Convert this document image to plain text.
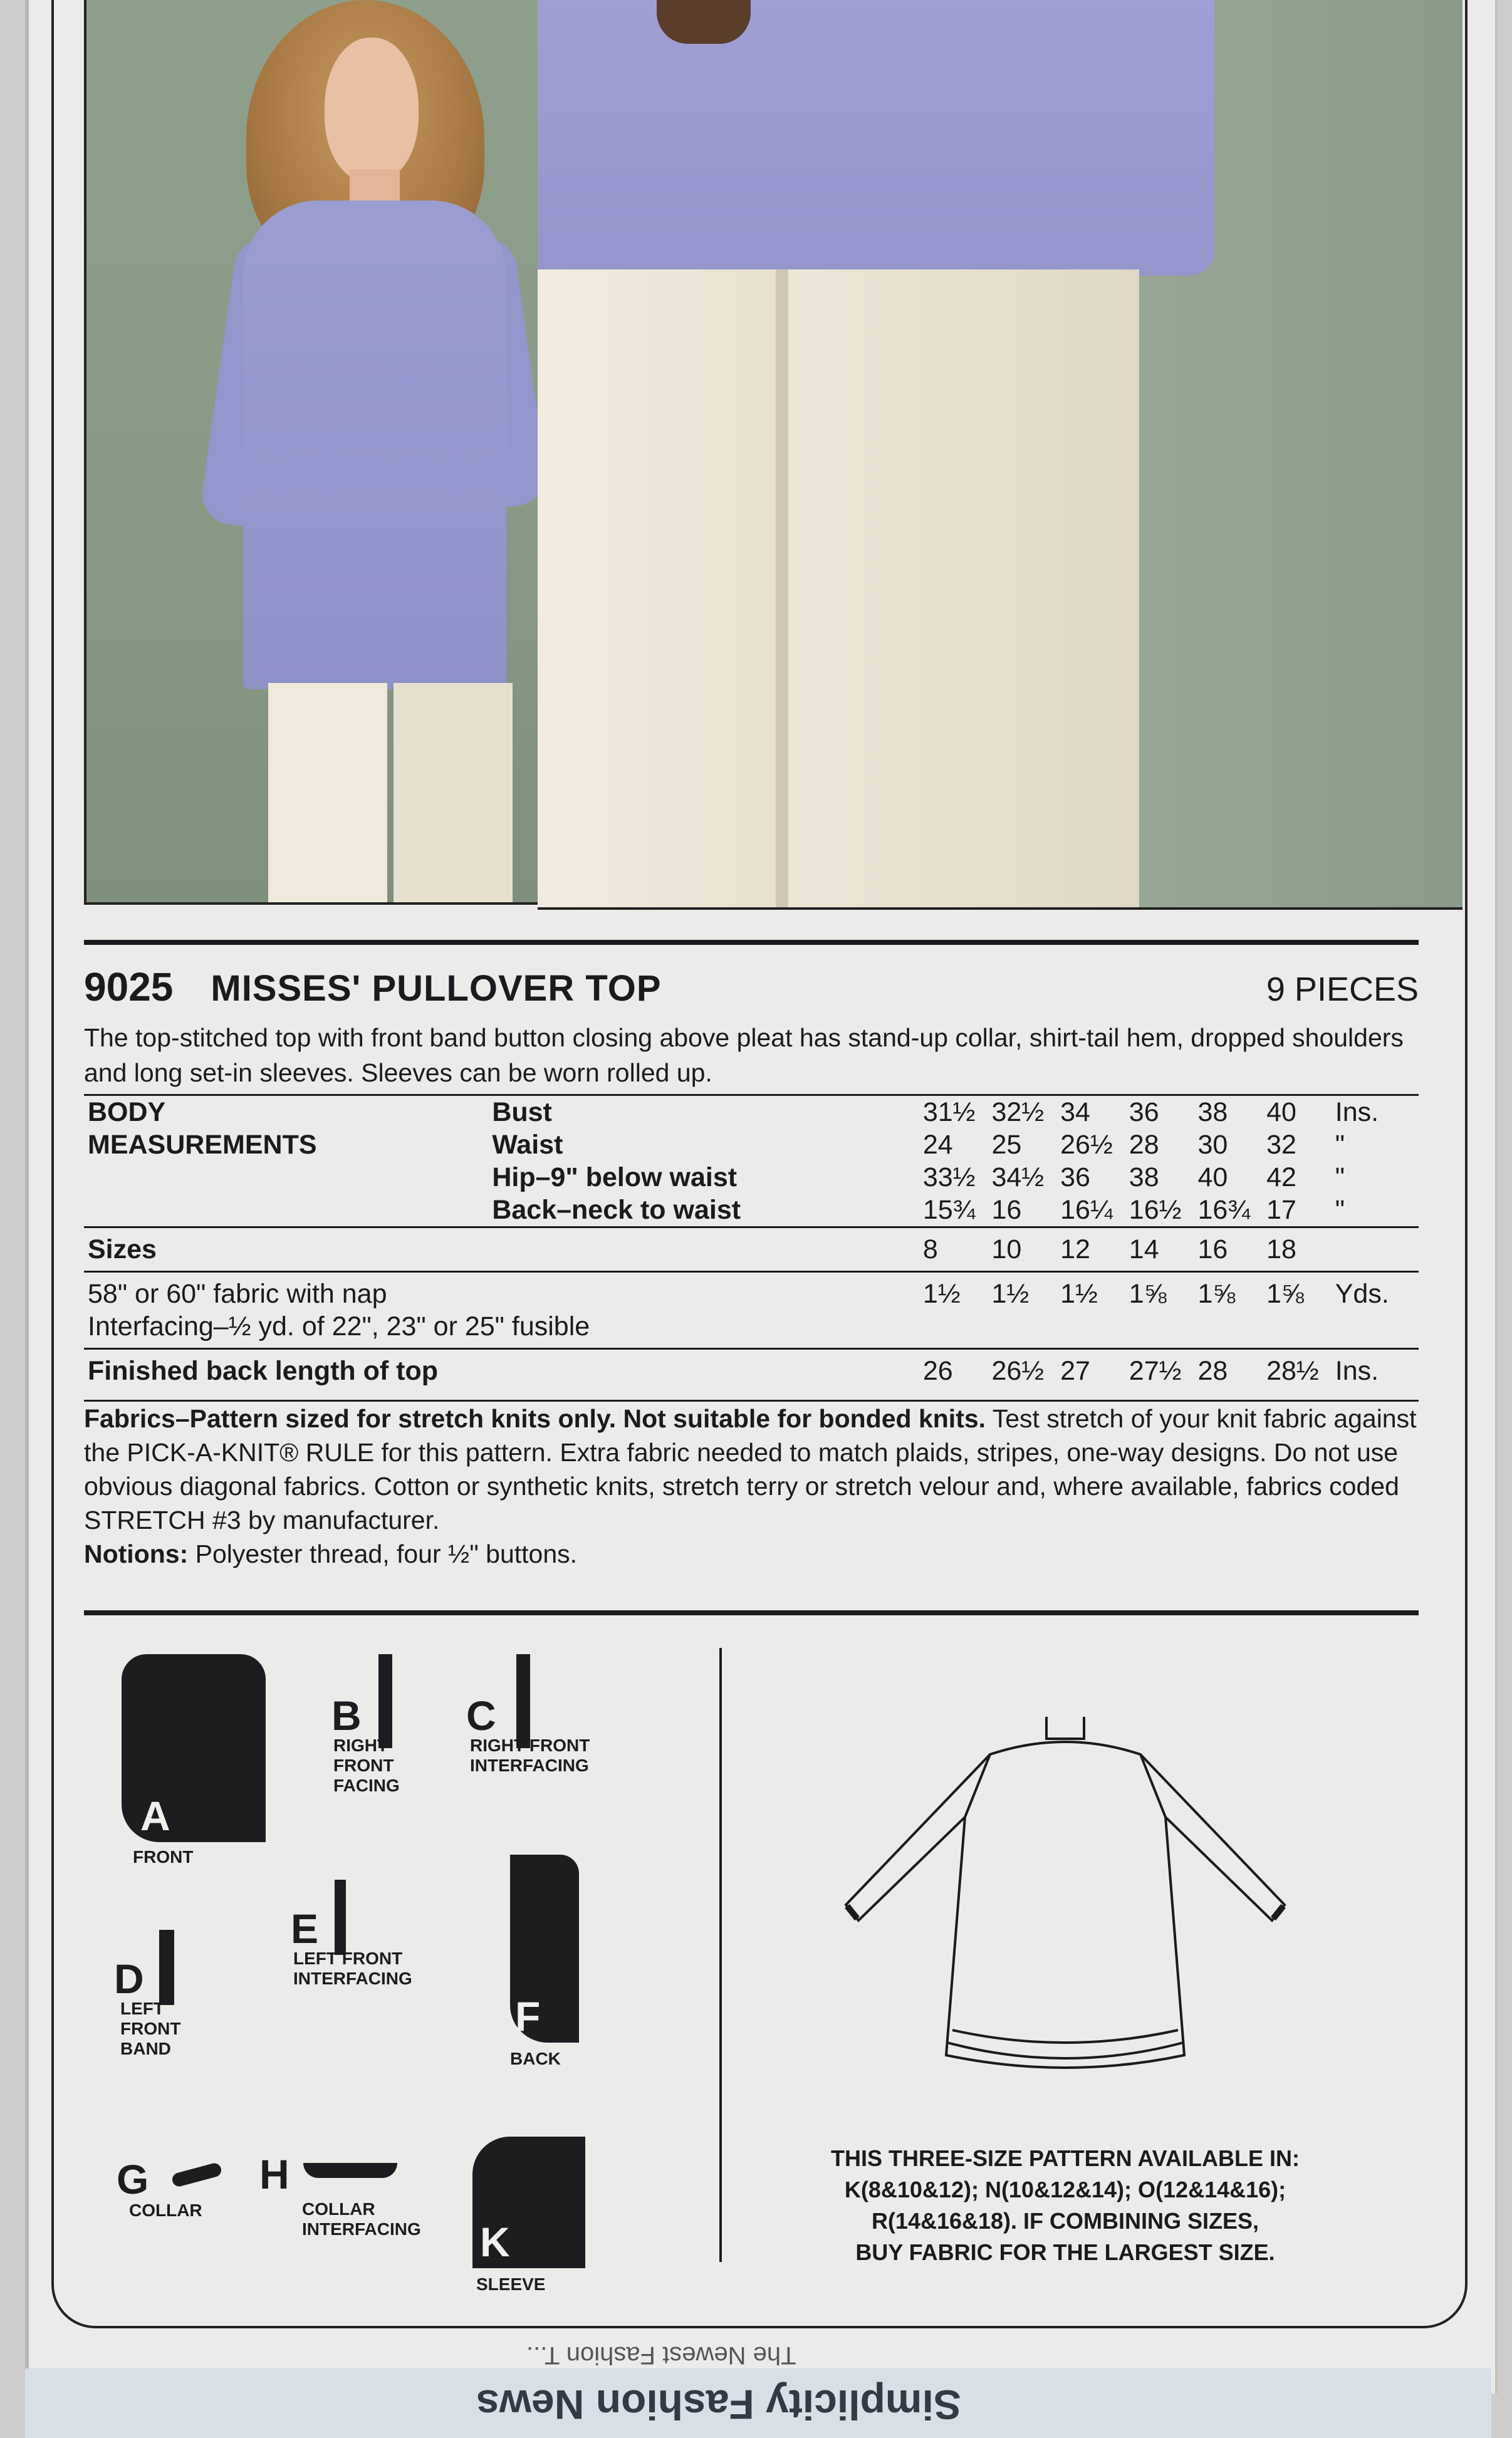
9025 MISSES' PULLOVER TOP	9 PIECES
The top-stitched top with front band button closing above pleat has stand-up collar, shirt-tail hem, dropped shoulders and long set-in sleeves. Sleeves can be worn rolled up.
BODY	Bust	31½	32½	34	36	38	40	Ins.
MEASUREMENTS	Waist	24	25	26½	28	30	32	"
	Hip–9" below waist	33½	34½	36	38	40	42	"
	Back–neck to waist	15¾	16	16¼	16½	16¾	17	"
Sizes		8	10	12	14	16	18	
58" or 60" fabric with nap		1½	1½	1½	1⅝	1⅝	1⅝	Yds.
Interfacing–½ yd. of 22", 23" or 25" fusible								
Finished back length of top		26	26½	27	27½	28	28½	Ins.
Fabrics–Pattern sized for stretch knits only. Not suitable for bonded knits. Test stretch of your knit fabric against the PICK-A-KNIT® RULE for this pattern. Extra fabric needed to match plaids, stripes, one-way designs. Do not use obvious diagonal fabrics. Cotton or synthetic knits, stretch terry or stretch velour and, where available, fabrics coded STRETCH #3 by manufacturer.
Notions: Polyester thread, four ½" buttons.
A
FRONT
B
RIGHT FRONT FACING
C
RIGHT FRONT INTERFACING
D
LEFT FRONT BAND
E
LEFT FRONT INTERFACING
F
BACK
G
COLLAR
H
COLLAR INTERFACING	K
SLEEVE
THIS THREE-SIZE PATTERN AVAILABLE IN:
K(8&10&12); N(10&12&14); O(12&14&16);
R(14&16&18). IF COMBINING SIZES,
BUY FABRIC FOR THE LARGEST SIZE.
The Newest Fashion T...
Simplicity Fashion News
